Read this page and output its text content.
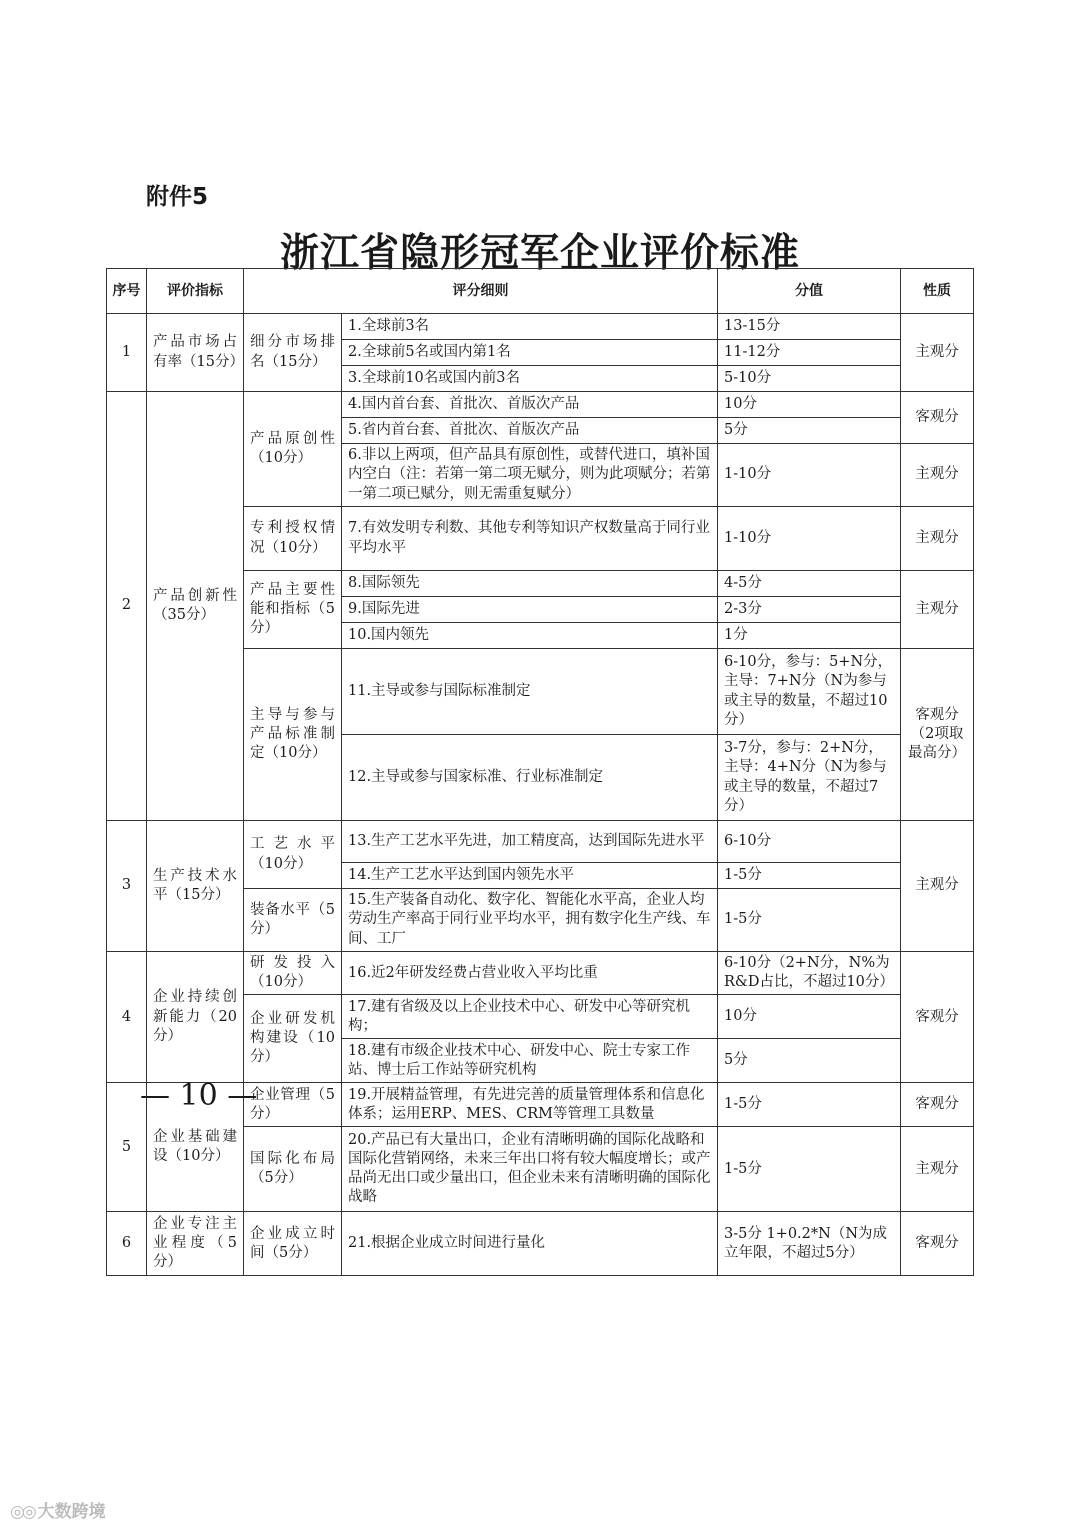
附件5
浙江省隐形冠军企业评价标准
序号	评价指标	评分细则		分值	性质
1	产品市场占有率（15分）	细分市场排名（15分）	1.全球前3名	13-15分	主观分
			2.全球前5名或国内第1名	11-12分	
			3.全球前10名或国内前3名	5-10分	
2	产品创新性（35分）	产品原创性（10分）	4.国内首台套、首批次、首版次产品	10分	客观分
			5.省内首台套、首批次、首版次产品	5分	
			6.非以上两项，但产品具有原创性，或替代进口，填补国内空白（注：若第一第二项无赋分，则为此项赋分；若第一第二项已赋分，则无需重复赋分）	1-10分	主观分
		专利授权情况（10分）	7.有效发明专利数、其他专利等知识产权数量高于同行业平均水平	1-10分	主观分
		产品主要性能和指标（5分）	8.国际领先	4-5分	主观分
			9.国际先进	2-3分	
			10.国内领先	1分	
		主导与参与产品标准制定（10分）	11.主导或参与国际标准制定	6-10分，参与：5+N分，主导：7+N分（N为参与或主导的数量，不超过10分）	客观分（2项取最高分）
			12.主导或参与国家标准、行业标准制定	3-7分，参与：2+N分，主导：4+N分（N为参与或主导的数量，不超过7分）	
3	生产技术水平（15分）	工艺水平（10分）	13.生产工艺水平先进，加工精度高，达到国际先进水平	6-10分	主观分
			14.生产工艺水平达到国内领先水平	1-5分	
		装备水平（5分）	15.生产装备自动化、数字化、智能化水平高，企业人均劳动生产率高于同行业平均水平，拥有数字化生产线、车间、工厂	1-5分	
4	企业持续创新能力（20分）	研发投入（10分）	16.近2年研发经费占营业收入平均比重	6-10分（2+N分，N%为R&D占比，不超过10分）	客观分
		企业研发机构建设（10分）	17.建有省级及以上企业技术中心、研发中心等研究机构；	10分	
			18.建有市级企业技术中心、研发中心、院士专家工作站、博士后工作站等研究机构	5分	
5	企业基础建设（10分）	企业管理（5分）	19.开展精益管理，有先进完善的质量管理体系和信息化体系；运用ERP、MES、CRM等管理工具数量	1-5分	客观分
		国际化布局（5分）	20.产品已有大量出口，企业有清晰明确的国际化战略和国际化营销网络，未来三年出口将有较大幅度增长；或产品尚无出口或少量出口，但企业未来有清晰明确的国际化战略	1-5分	主观分
6	企业专注主业程度（5分）	企业成立时间（5分）	21.根据企业成立时间进行量化	3-5分 1+0.2*N（N为成立年限，不超过5分）	客观分
— 10 —
◎◎ 大数跨境
